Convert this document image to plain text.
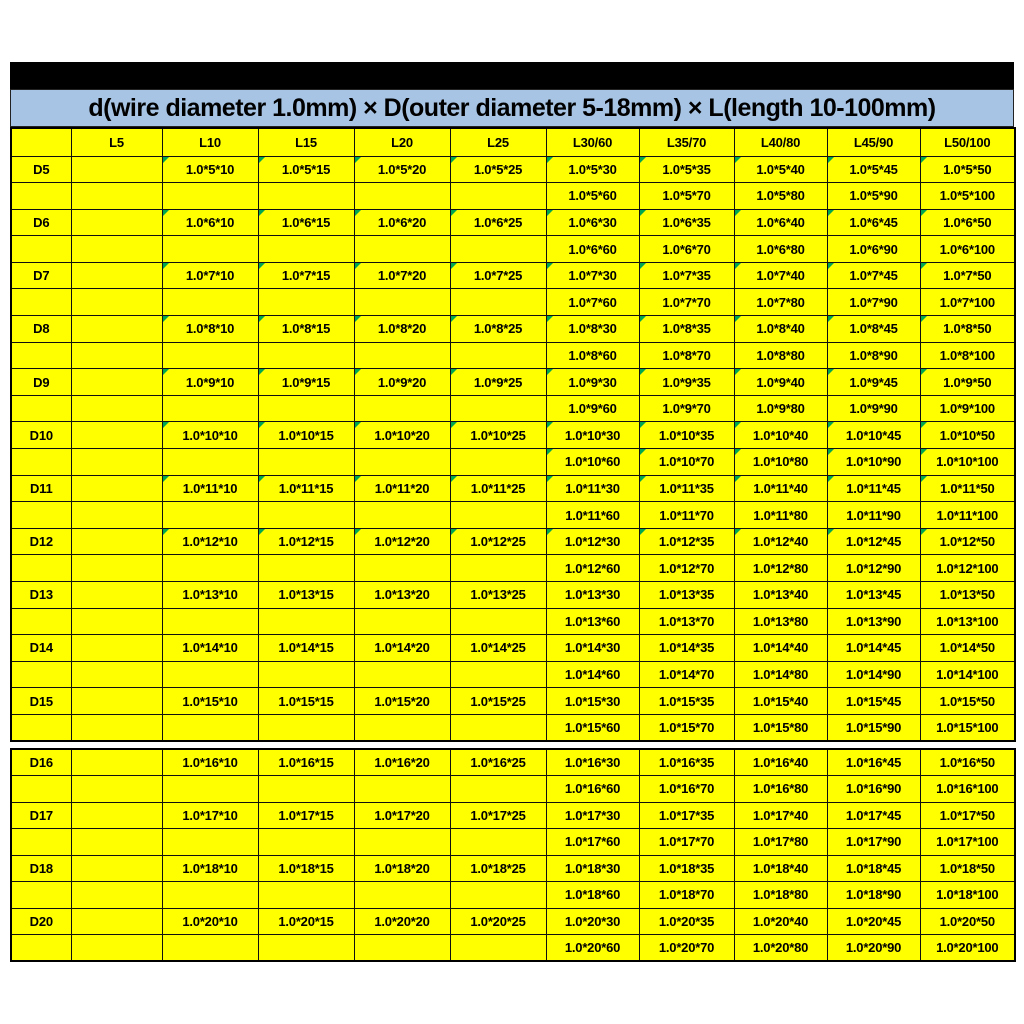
d(wire diameter 1.0mm) × D(outer diameter 5-18mm) × L(length 10-100mm)
	L5	L10	L15	L20	L25	L30/60	L35/70	L40/80	L45/90	L50/100
D5		1.0*5*10	1.0*5*15	1.0*5*20	1.0*5*25	1.0*5*30	1.0*5*35	1.0*5*40	1.0*5*45	1.0*5*50

						1.0*5*60	1.0*5*70	1.0*5*80	1.0*5*90	1.0*5*100
D6		1.0*6*10	1.0*6*15	1.0*6*20	1.0*6*25	1.0*6*30	1.0*6*35	1.0*6*40	1.0*6*45	1.0*6*50

						1.0*6*60	1.0*6*70	1.0*6*80	1.0*6*90	1.0*6*100
D7		1.0*7*10	1.0*7*15	1.0*7*20	1.0*7*25	1.0*7*30	1.0*7*35	1.0*7*40	1.0*7*45	1.0*7*50

						1.0*7*60	1.0*7*70	1.0*7*80	1.0*7*90	1.0*7*100
D8		1.0*8*10	1.0*8*15	1.0*8*20	1.0*8*25	1.0*8*30	1.0*8*35	1.0*8*40	1.0*8*45	1.0*8*50

						1.0*8*60	1.0*8*70	1.0*8*80	1.0*8*90	1.0*8*100
D9		1.0*9*10	1.0*9*15	1.0*9*20	1.0*9*25	1.0*9*30	1.0*9*35	1.0*9*40	1.0*9*45	1.0*9*50

						1.0*9*60	1.0*9*70	1.0*9*80	1.0*9*90	1.0*9*100
D10		1.0*10*10	1.0*10*15	1.0*10*20	1.0*10*25	1.0*10*30	1.0*10*35	1.0*10*40	1.0*10*45	1.0*10*50

						1.0*10*60	1.0*10*70	1.0*10*80	1.0*10*90	1.0*10*100

D11		1.0*11*10	1.0*11*15	1.0*11*20	1.0*11*25	1.0*11*30	1.0*11*35	1.0*11*40	1.0*11*45	1.0*11*50

						1.0*11*60	1.0*11*70	1.0*11*80	1.0*11*90	1.0*11*100
D12		1.0*12*10	1.0*12*15	1.0*12*20	1.0*12*25	1.0*12*30	1.0*12*35	1.0*12*40	1.0*12*45	1.0*12*50

						1.0*12*60	1.0*12*70	1.0*12*80	1.0*12*90	1.0*12*100
D13		1.0*13*10	1.0*13*15	1.0*13*20	1.0*13*25	1.0*13*30	1.0*13*35	1.0*13*40	1.0*13*45	1.0*13*50
						1.0*13*60	1.0*13*70	1.0*13*80	1.0*13*90	1.0*13*100
D14		1.0*14*10	1.0*14*15	1.0*14*20	1.0*14*25	1.0*14*30	1.0*14*35	1.0*14*40	1.0*14*45	1.0*14*50
						1.0*14*60	1.0*14*70	1.0*14*80	1.0*14*90	1.0*14*100
D15		1.0*15*10	1.0*15*15	1.0*15*20	1.0*15*25	1.0*15*30	1.0*15*35	1.0*15*40	1.0*15*45	1.0*15*50
						1.0*15*60	1.0*15*70	1.0*15*80	1.0*15*90	1.0*15*100
D16		1.0*16*10	1.0*16*15	1.0*16*20	1.0*16*25	1.0*16*30	1.0*16*35	1.0*16*40	1.0*16*45	1.0*16*50
						1.0*16*60	1.0*16*70	1.0*16*80	1.0*16*90	1.0*16*100
D17		1.0*17*10	1.0*17*15	1.0*17*20	1.0*17*25	1.0*17*30	1.0*17*35	1.0*17*40	1.0*17*45	1.0*17*50
						1.0*17*60	1.0*17*70	1.0*17*80	1.0*17*90	1.0*17*100
D18		1.0*18*10	1.0*18*15	1.0*18*20	1.0*18*25	1.0*18*30	1.0*18*35	1.0*18*40	1.0*18*45	1.0*18*50
						1.0*18*60	1.0*18*70	1.0*18*80	1.0*18*90	1.0*18*100
D20		1.0*20*10	1.0*20*15	1.0*20*20	1.0*20*25	1.0*20*30	1.0*20*35	1.0*20*40	1.0*20*45	1.0*20*50
						1.0*20*60	1.0*20*70	1.0*20*80	1.0*20*90	1.0*20*100
